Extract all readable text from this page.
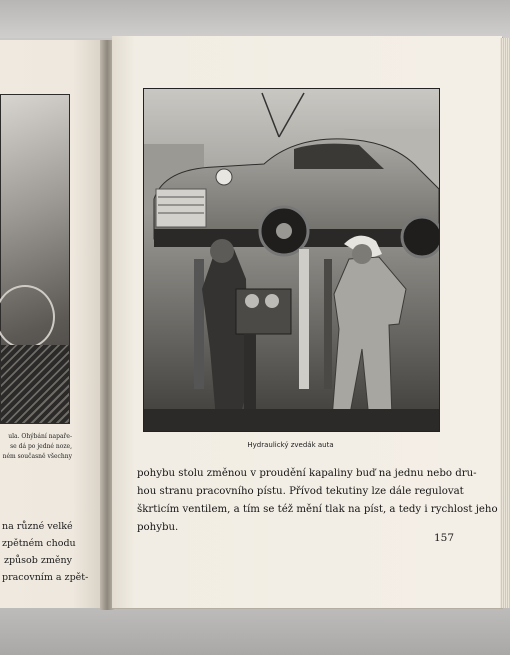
ula. Ohýbání napaře-
se dá po jedné noze,
ném současně všechny
na různé velké
zpětném chodu
způsob změny
pracovním a zpět-
Hydraulický zvedák auta
pohybu stolu změnou v proudění kapaliny buď na jednu nebo dru-
hou stranu pracovního pístu. Přívod tekutiny lze dále regulovat
škrticím ventilem, a tím se též mění tlak na píst, a tedy i rychlost jeho
pohybu.
157
